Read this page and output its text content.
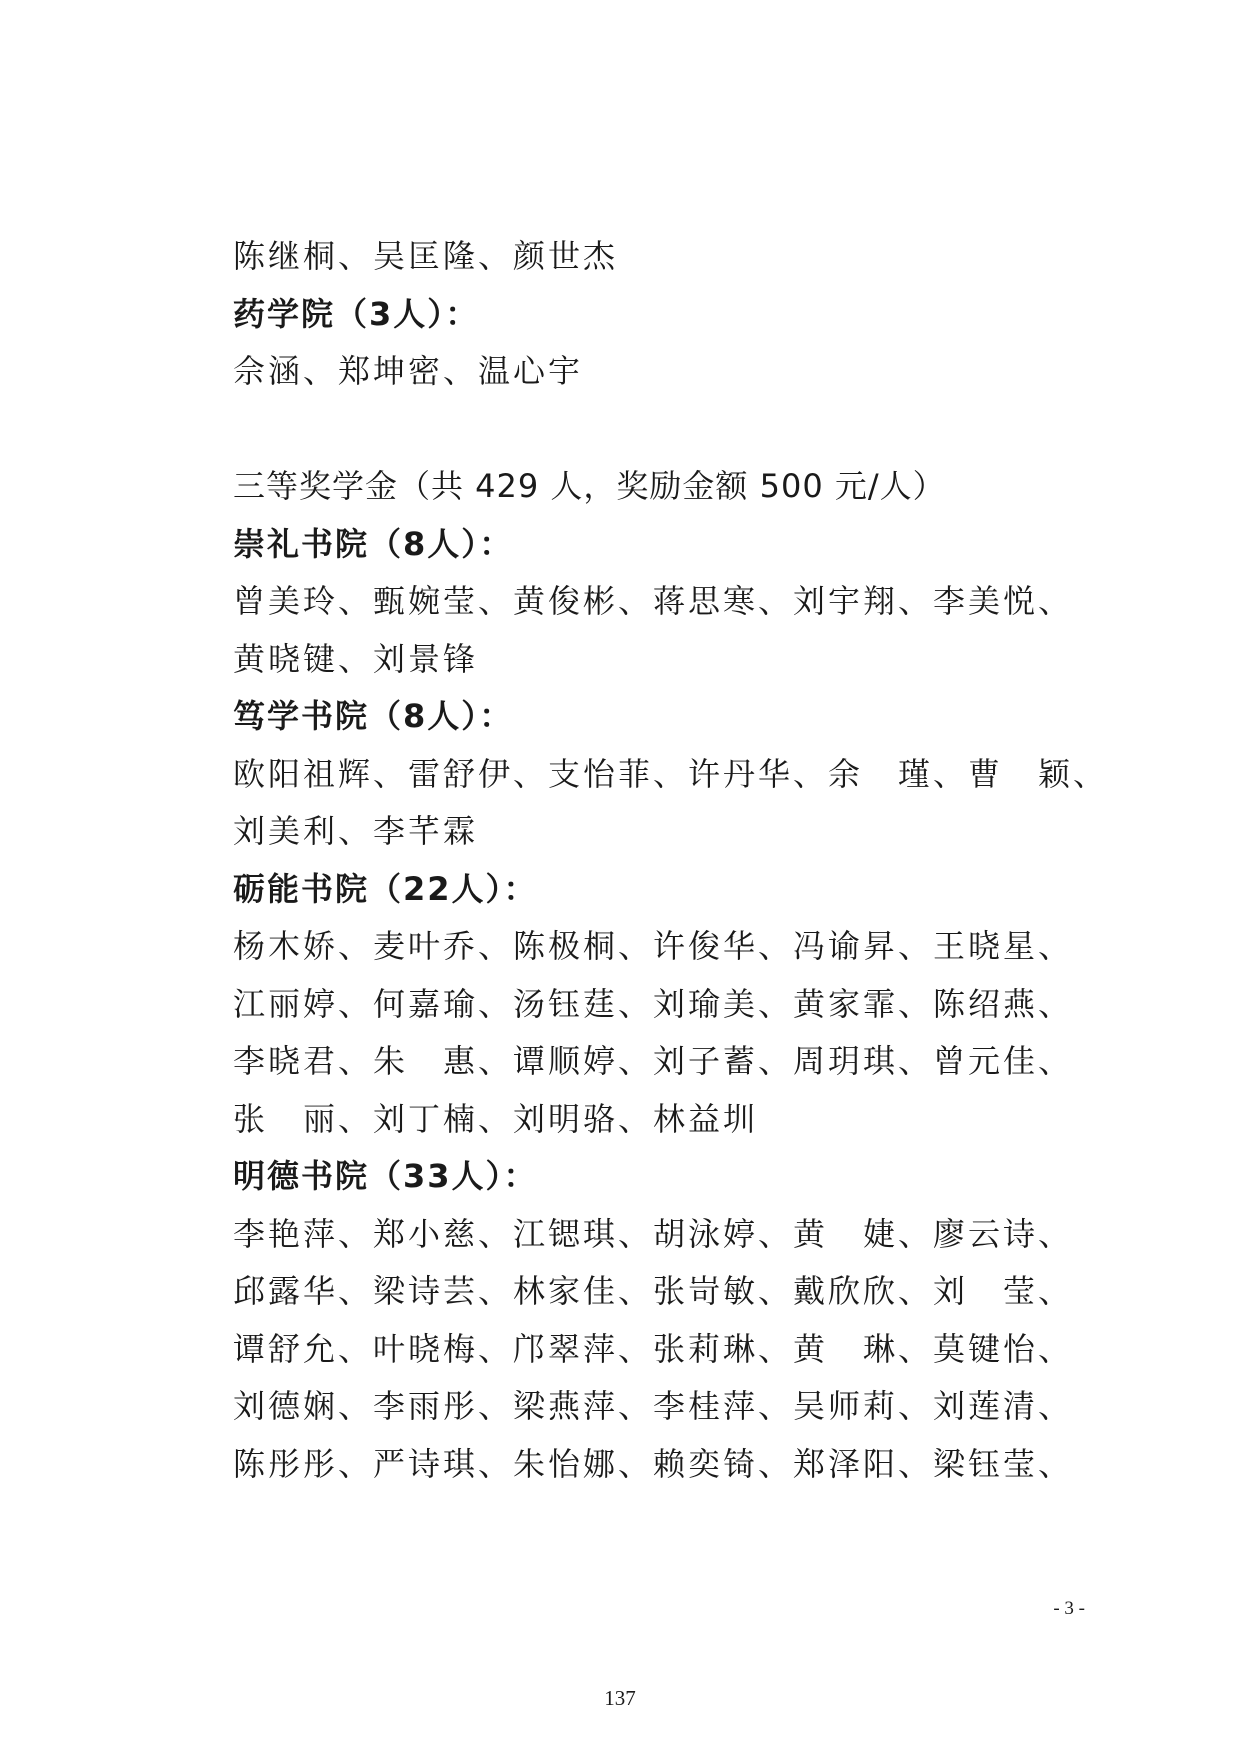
陈继桐、吴匡隆、颜世杰
药学院（3人）：
佘涵、郑坤密、温心宇
三等奖学金（共 429 人，奖励金额 500 元/人）
崇礼书院（8人）：
曾美玲、甄婉莹、黄俊彬、蒋思寒、刘宇翔、李美悦、
黄晓键、刘景锋
笃学书院（8人）：
欧阳祖辉、雷舒伊、支怡菲、许丹华、余　瑾、曹　颖、
刘美利、李芊霖
砺能书院（22人）：
杨木娇、麦叶乔、陈极桐、许俊华、冯谕昇、王晓星、
江丽婷、何嘉瑜、汤钰莛、刘瑜美、黄家霏、陈绍燕、
李晓君、朱　惠、谭顺婷、刘子蓄、周玥琪、曾元佳、
张　丽、刘丁楠、刘明骆、林益圳
明德书院（33人）：
李艳萍、郑小慈、江锶琪、胡泳婷、黄　婕、廖云诗、
邱露华、梁诗芸、林家佳、张岢敏、戴欣欣、刘　莹、
谭舒允、叶晓梅、邝翠萍、张莉琳、黄　琳、莫键怡、
刘德娴、李雨彤、梁燕萍、李桂萍、吴师莉、刘莲清、
陈彤彤、严诗琪、朱怡娜、赖奕锜、郑泽阳、梁钰莹、
- 3 -
137
